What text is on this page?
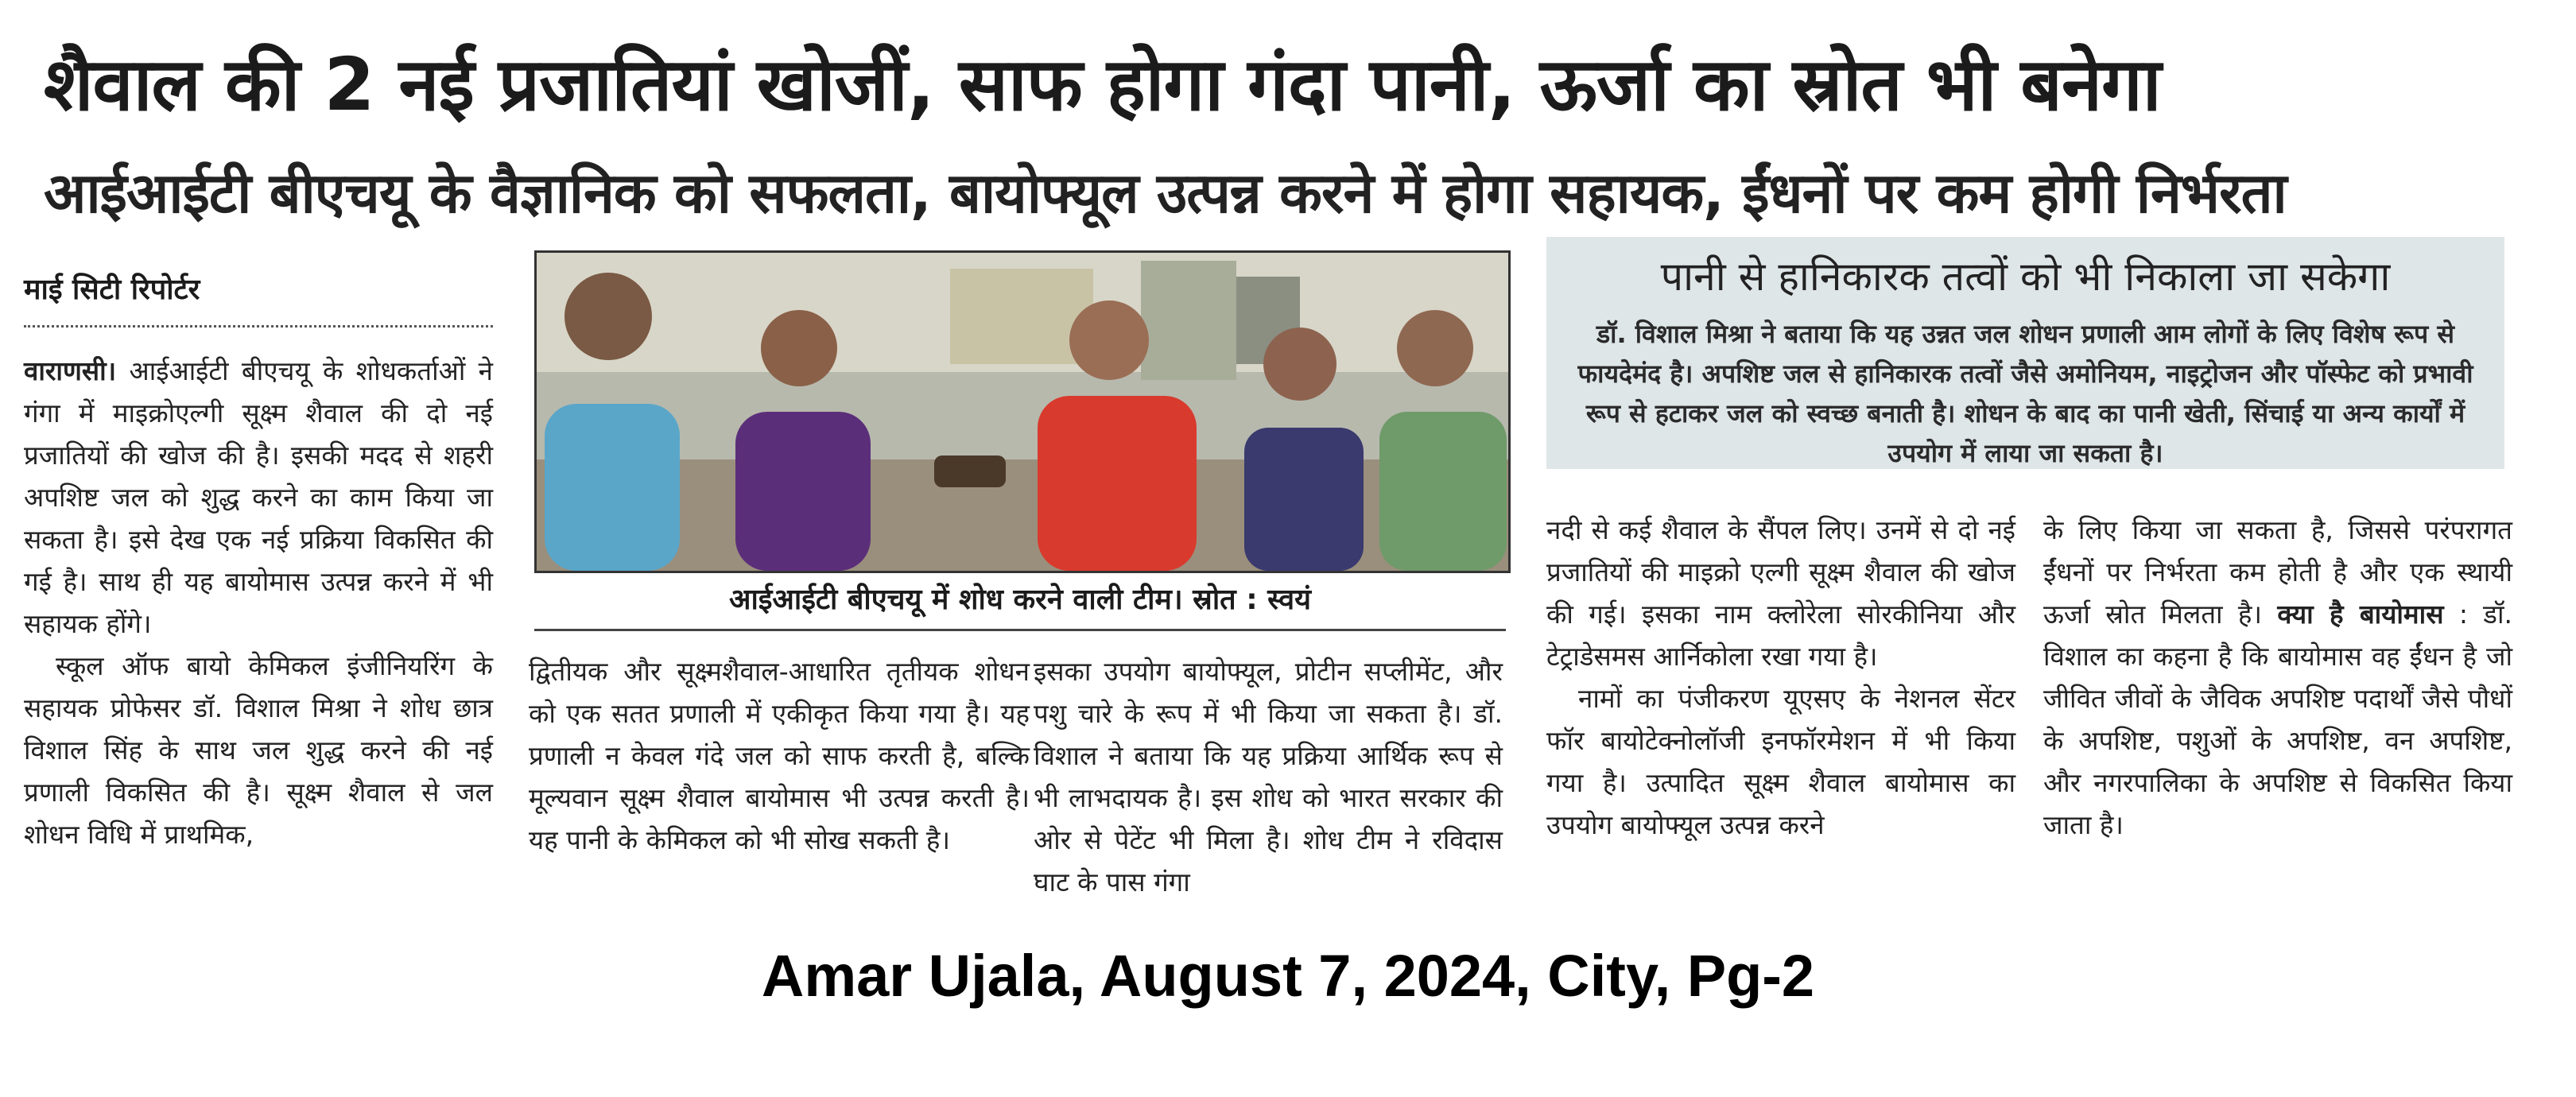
शैवाल की 2 नई प्रजातियां खोजीं, साफ होगा गंदा पानी, ऊर्जा का स्रोत भी बनेगा
आईआईटी बीएचयू के वैज्ञानिक को सफलता, बायोफ्यूल उत्पन्न करने में होगा सहायक, ईंधनों पर कम होगी निर्भरता
माई सिटी रिपोर्टर

वाराणसी। आईआईटी बीएचयू के शोधकर्ताओं ने गंगा में माइक्रोएल्गी सूक्ष्म शैवाल की दो नई प्रजातियों की खोज की है। इसकी मदद से शहरी अपशिष्ट जल को शुद्ध करने का काम किया जा सकता है। इसे देख एक नई प्रक्रिया विकसित की गई है। साथ ही यह बायोमास उत्पन्न करने में भी सहायक होंगे।

स्कूल ऑफ बायो केमिकल इंजीनियरिंग के सहायक प्रोफेसर डॉ. विशाल मिश्रा ने शोध छात्र विशाल सिंह के साथ जल शुद्ध करने की नई प्रणाली विकसित की है। सूक्ष्म शैवाल से जल शोधन विधि में प्राथमिक,

आईआईटी बीएचयू में शोध करने वाली टीम। स्रोत : स्वयं

द्वितीयक और सूक्ष्मशैवाल-आधारित तृतीयक शोधन को एक सतत प्रणाली में एकीकृत किया गया है। यह प्रणाली न केवल गंदे जल को साफ करती है, बल्कि मूल्यवान सूक्ष्म शैवाल बायोमास भी उत्पन्न करती है। यह पानी के केमिकल को भी सोख सकती है।

इसका उपयोग बायोफ्यूल, प्रोटीन सप्लीमेंट, और पशु चारे के रूप में भी किया जा सकता है। डॉ. विशाल ने बताया कि यह प्रक्रिया आर्थिक रूप से भी लाभदायक है। इस शोध को भारत सरकार की ओर से पेटेंट भी मिला है। शोध टीम ने रविदास घाट के पास गंगा

पानी से हानिकारक तत्वों को भी निकाला जा सकेगा
डॉ. विशाल मिश्रा ने बताया कि यह उन्नत जल शोधन प्रणाली आम लोगों के लिए विशेष रूप से फायदेमंद है। अपशिष्ट जल से हानिकारक तत्वों जैसे अमोनियम, नाइट्रोजन और पॉस्फेट को प्रभावी रूप से हटाकर जल को स्वच्छ बनाती है। शोधन के बाद का पानी खेती, सिंचाई या अन्य कार्यों में उपयोग में लाया जा सकता है।

नदी से कई शैवाल के सैंपल लिए। उनमें से दो नई प्रजातियों की माइक्रो एल्गी सूक्ष्म शैवाल की खोज की गई। इसका नाम क्लोरेला सोरकीनिया और टेट्राडेसमस आर्निकोला रखा गया है।

नामों का पंजीकरण यूएसए के नेशनल सेंटर फॉर बायोटेक्नोलॉजी इनफॉरमेशन में भी किया गया है। उत्पादित सूक्ष्म शैवाल बायोमास का उपयोग बायोफ्यूल उत्पन्न करने

के लिए किया जा सकता है, जिससे परंपरागत ईंधनों पर निर्भरता कम होती है और एक स्थायी ऊर्जा स्रोत मिलता है। क्या है बायोमास : डॉ. विशाल का कहना है कि बायोमास वह ईंधन है जो जीवित जीवों के जैविक अपशिष्ट पदार्थों जैसे पौधों के अपशिष्ट, पशुओं के अपशिष्ट, वन अपशिष्ट, और नगरपालिका के अपशिष्ट से विकसित किया जाता है।

Amar Ujala, August 7, 2024, City, Pg-2
